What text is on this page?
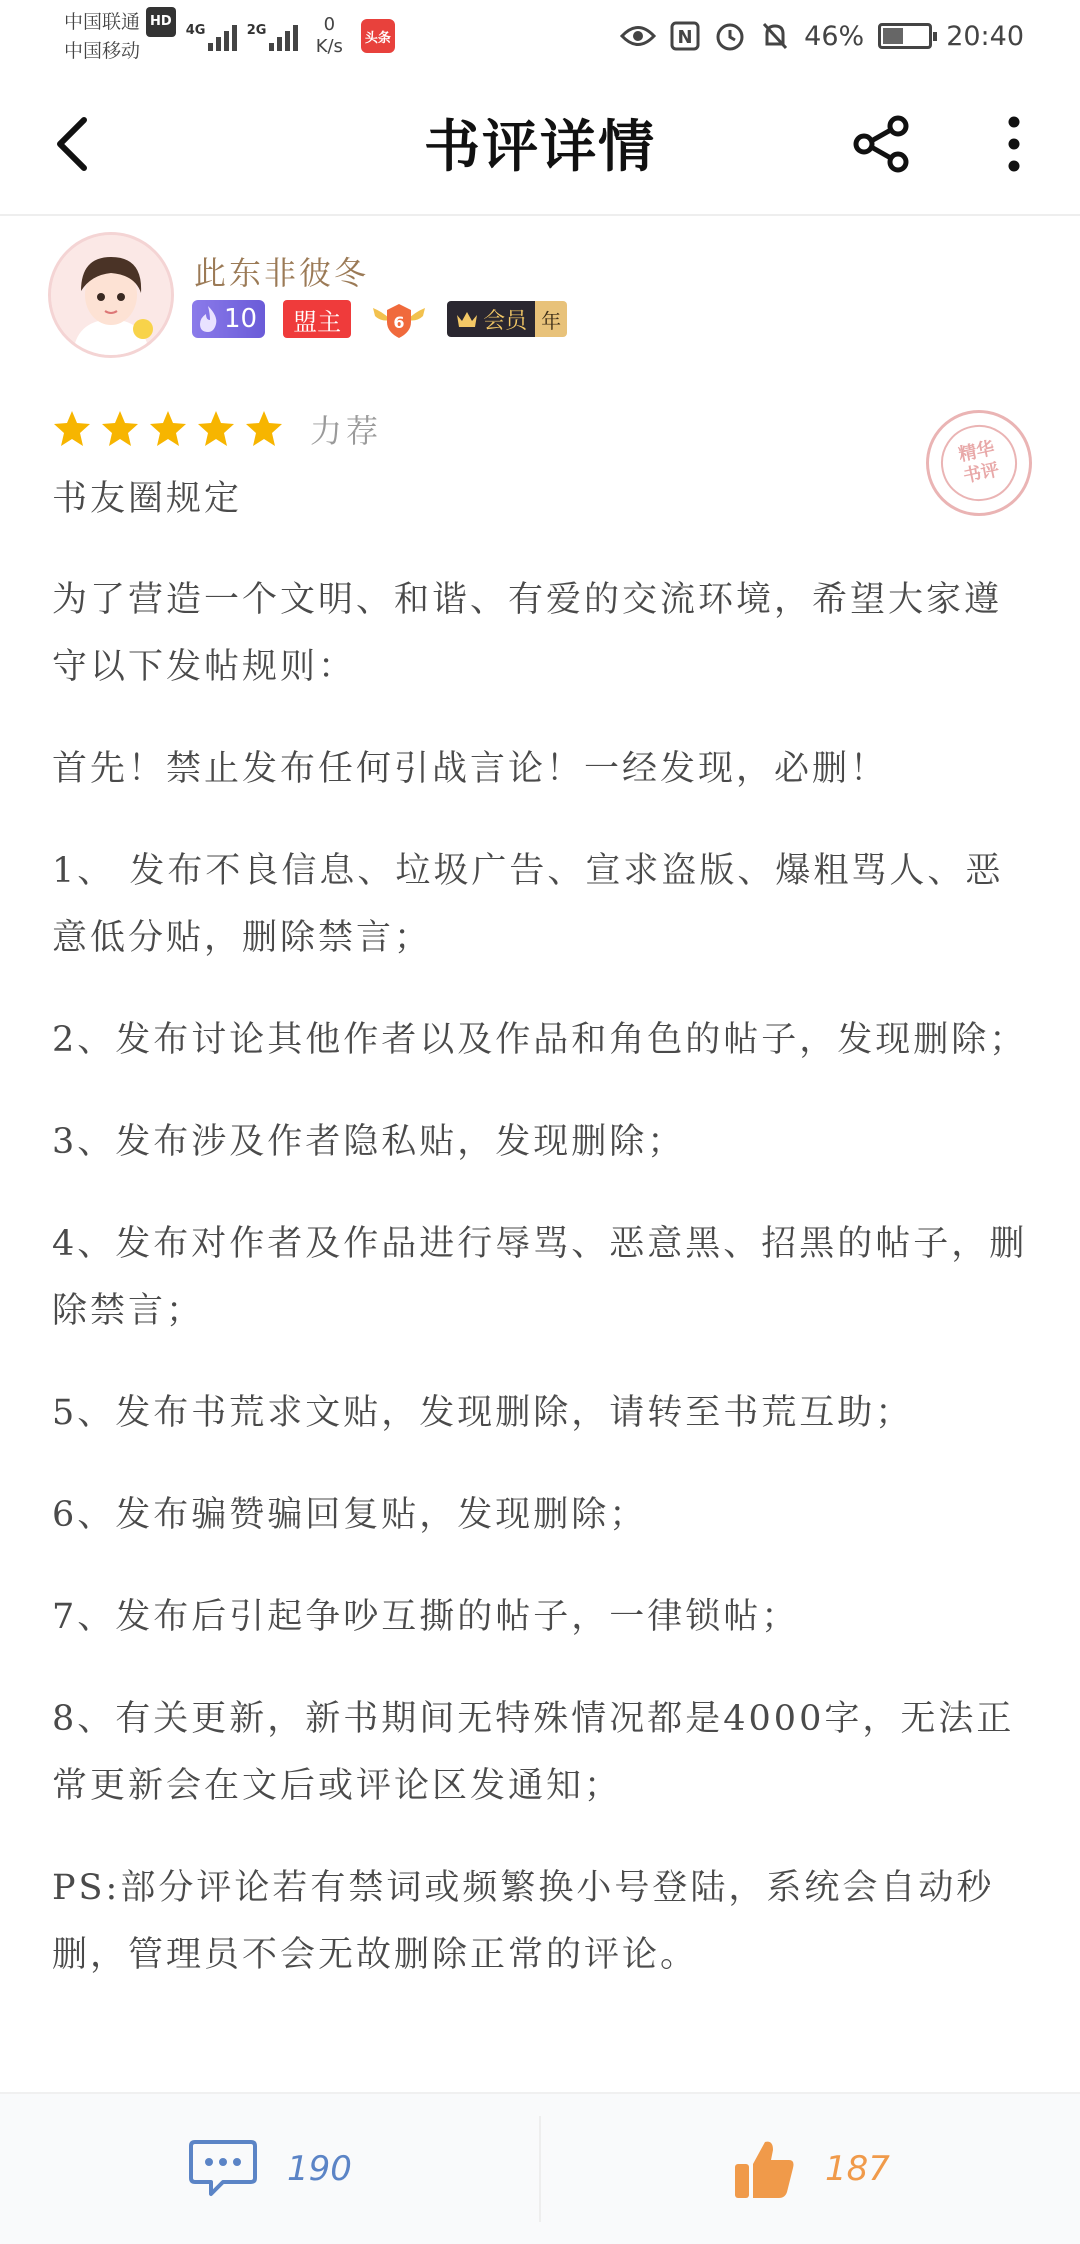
中国联通 HD
中国移动
4G	2G	0
K/s	头条	N	46%	20:40
书评详情
此东非彼冬
10	盟主	6	会员 年
力荐
精华
书评
书友圈规定

为了营造一个文明、和谐、有爱的交流环境，希望大家遵守以下发帖规则：

首先！禁止发布任何引战言论！一经发现，必删！

1、 发布不良信息、垃圾广告、宣求盗版、爆粗骂人、恶意低分贴，删除禁言；

2、发布讨论其他作者以及作品和角色的帖子，发现删除；

3、发布涉及作者隐私贴，发现删除；

4、发布对作者及作品进行辱骂、恶意黑、招黑的帖子，删除禁言；

5、发布书荒求文贴，发现删除，请转至书荒互助；

6、发布骗赞骗回复贴，发现删除；

7、发布后引起争吵互撕的帖子，一律锁帖；

8、有关更新，新书期间无特殊情况都是4000字，无法正常更新会在文后或评论区发通知；

PS:部分评论若有禁词或频繁换小号登陆，系统会自动秒删，管理员不会无故删除正常的评论。

190	187
